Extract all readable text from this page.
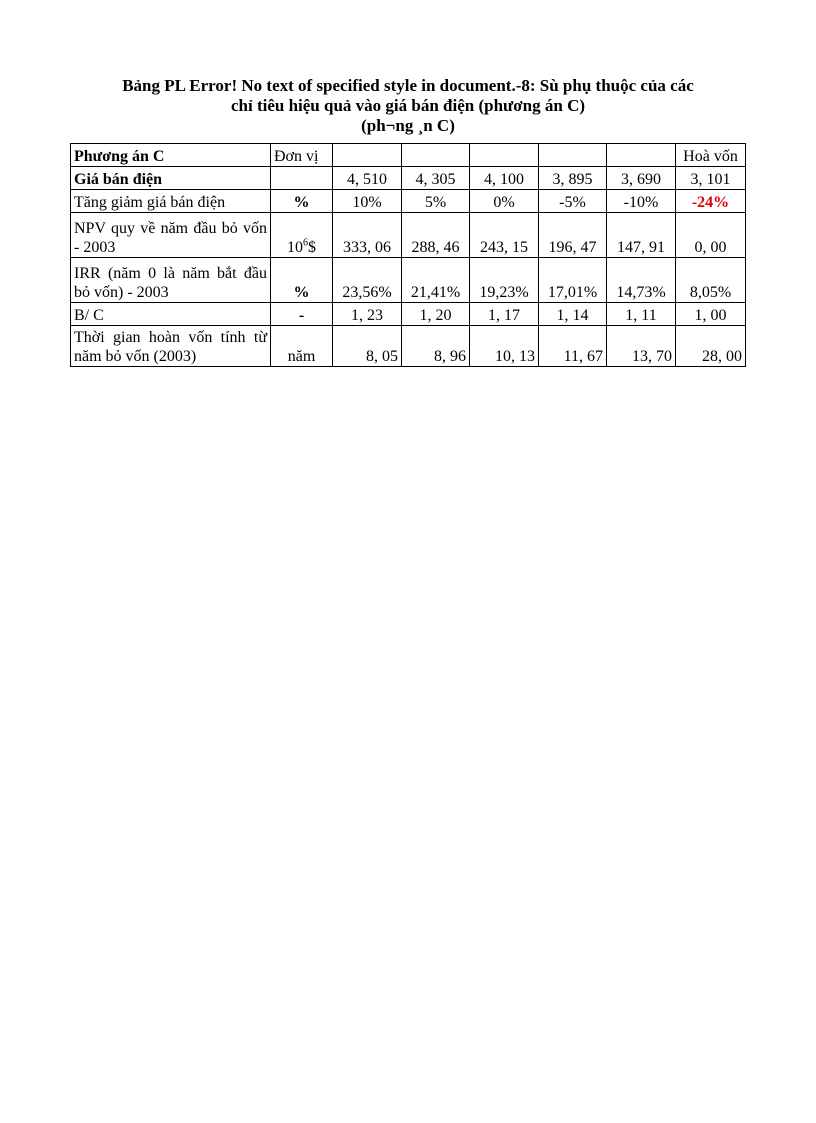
Bảng PL Error! No text of specified style in document.-8: Sù phụ thuộc của các
chỉ tiêu hiệu quả vào giá bán điện (phương án C)
(ph¬ng ¸n C)
Phương án C	Đơn vị						Hoà vốn
Giá bán điện		4, 510	4, 305	4, 100	3, 895	3, 690	3, 101
Tăng giảm giá bán điện	%	10%	5%	0%	-5%	-10%	-24%
NPV quy về năm đầu bỏ vốn - 2003	$10^6\$$	333, 06	288, 46	243, 15	196, 47	147, 91	0, 00
IRR (năm 0 là năm bắt đầu bỏ vốn) - 2003	%	23,56%	21,41%	19,23%	17,01%	14,73%	8,05%
B/ C	-	1, 23	1, 20	1, 17	1, 14	1, 11	1, 00
Thời gian hoàn vốn tính từ năm bỏ vốn (2003)	năm	8, 05	8, 96	10, 13	11, 67	13, 70	28, 00
